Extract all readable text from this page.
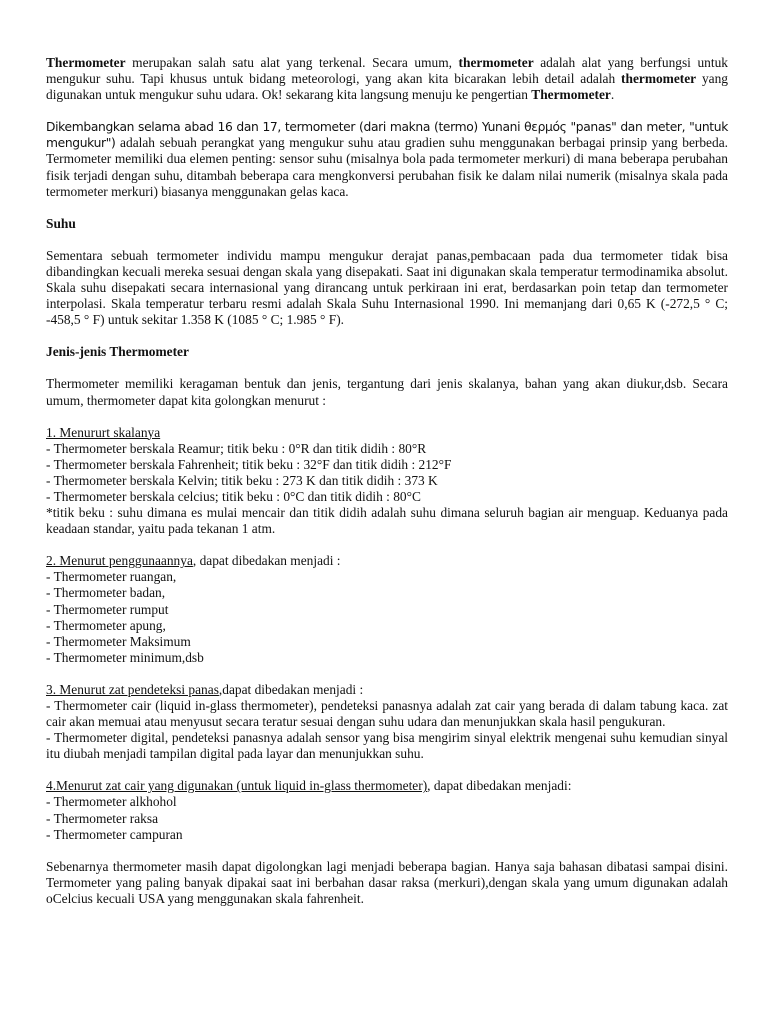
Thermometer merupakan salah satu alat yang terkenal. Secara umum, thermometer adalah alat yang berfungsi untuk mengukur suhu. Tapi khusus untuk bidang meteorologi, yang akan kita bicarakan lebih detail adalah thermometer yang digunakan untuk mengukur suhu udara. Ok! sekarang kita langsung menuju ke pengertian Thermometer.

Dikembangkan selama abad 16 dan 17, termometer (dari makna (termo) Yunani θερμός "panas" dan meter, "untuk mengukur") adalah sebuah perangkat yang mengukur suhu atau gradien suhu menggunakan berbagai prinsip yang berbeda. Termometer memiliki dua elemen penting: sensor suhu (misalnya bola pada termometer merkuri) di mana beberapa perubahan fisik terjadi dengan suhu, ditambah beberapa cara mengkonversi perubahan fisik ke dalam nilai numerik (misalnya skala pada termometer merkuri) biasanya menggunakan gelas kaca.

Suhu

Sementara sebuah termometer individu mampu mengukur derajat panas,pembacaan pada dua termometer tidak bisa dibandingkan kecuali mereka sesuai dengan skala yang disepakati. Saat ini digunakan skala temperatur termodinamika absolut. Skala suhu disepakati secara internasional yang dirancang untuk perkiraan ini erat, berdasarkan poin tetap dan termometer interpolasi. Skala temperatur terbaru resmi adalah Skala Suhu Internasional 1990. Ini memanjang dari 0,65 K (-272,5 ° C; -458,5 ° F) untuk sekitar 1.358 K (1085 ° C; 1.985 ° F).

Jenis-jenis Thermometer

Thermometer memiliki keragaman bentuk dan jenis, tergantung dari jenis skalanya, bahan yang akan diukur,dsb. Secara umum, thermometer dapat kita golongkan menurut :

1. Menururt skalanya
- Thermometer berskala Reamur; titik beku : 0°R dan titik didih : 80°R
- Thermometer berskala Fahrenheit; titik beku : 32°F dan titik didih : 212°F
- Thermometer berskala Kelvin; titik beku : 273 K dan titik didih : 373 K
- Thermometer berskala celcius; titik beku : 0°C dan titik didih : 80°C
*titik beku : suhu dimana es mulai mencair dan titik didih adalah suhu dimana seluruh bagian air menguap. Keduanya pada keadaan standar, yaitu pada tekanan 1 atm.
2. Menurut penggunaannya, dapat dibedakan menjadi :
- Thermometer ruangan,
- Thermometer badan,
- Thermometer rumput
- Thermometer apung,
- Thermometer Maksimum
- Thermometer minimum,dsb
3. Menurut zat pendeteksi panas,dapat dibedakan menjadi :
- Thermometer cair (liquid in-glass thermometer), pendeteksi panasnya adalah zat cair yang berada di dalam tabung kaca. zat cair akan memuai atau menyusut secara teratur sesuai dengan suhu udara dan menunjukkan skala hasil pengukuran.
- Thermometer digital, pendeteksi panasnya adalah sensor yang bisa mengirim sinyal elektrik mengenai suhu kemudian sinyal itu diubah menjadi tampilan digital pada layar dan menunjukkan suhu.
4.Menurut zat cair yang digunakan (untuk liquid in-glass thermometer), dapat dibedakan menjadi:
- Thermometer alkhohol
- Thermometer raksa
- Thermometer campuran

Sebenarnya thermometer masih dapat digolongkan lagi menjadi beberapa bagian. Hanya saja bahasan dibatasi sampai disini. Termometer yang paling banyak dipakai saat ini berbahan dasar raksa (merkuri),dengan skala yang umum digunakan adalah oCelcius kecuali USA yang menggunakan skala fahrenheit.
